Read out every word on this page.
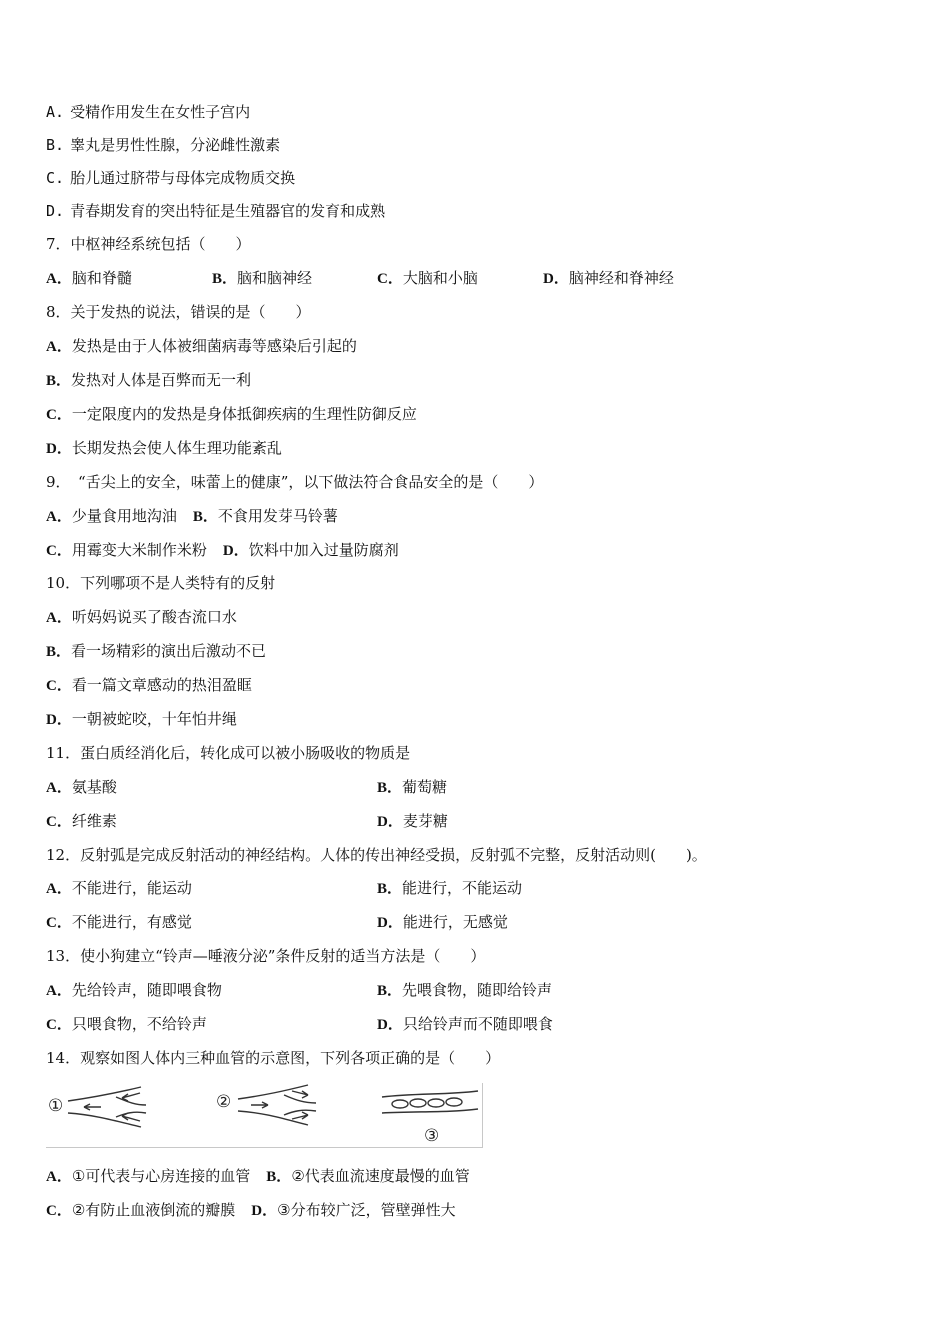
A. 受精作用发生在女性子宫内
B. 睾丸是男性性腺，分泌雌性激素
C. 胎儿通过脐带与母体完成物质交换
D. 青春期发育的突出特征是生殖器官的发育和成熟
7．中枢神经系统包括（　　）
A．脑和脊髓	B．脑和脑神经	C．大脑和小脑	D．脑神经和脊神经
8．关于发热的说法，错误的是（　　）
A．发热是由于人体被细菌病毒等感染后引起的
B．发热对人体是百弊而无一利
C．一定限度内的发热是身体抵御疾病的生理性防御反应
D．长期发热会使人体生理功能紊乱
9．　“舌尖上的安全，味蕾上的健康”，以下做法符合食品安全的是（　　）
A．少量食用地沟油 B．不食用发芽马铃薯
C．用霉变大米制作米粉 D．饮料中加入过量防腐剂
10．下列哪项不是人类特有的反射
A．听妈妈说买了酸杏流口水
B．看一场精彩的演出后激动不已
C．看一篇文章感动的热泪盈眶
D．一朝被蛇咬，十年怕井绳
11．蛋白质经消化后，转化成可以被小肠吸收的物质是
A．氨基酸	B．葡萄糖
C．纤维素	D．麦芽糖
12．反射弧是完成反射活动的神经结构。人体的传出神经受损，反射弧不完整，反射活动则(　　)。
A．不能进行，能运动	B．能进行，不能运动
C．不能进行，有感觉	D．能进行，无感觉
13．使小狗建立“铃声—唾液分泌”条件反射的适当方法是（　　）
A．先给铃声，随即喂食物	B．先喂食物，随即给铃声
C．只喂食物，不给铃声	D．只给铃声而不随即喂食
14．观察如图人体内三种血管的示意图，下列各项正确的是（　　）
①	②
③
A．①可代表与心房连接的血管 B．②代表血流速度最慢的血管
C．②有防止血液倒流的瓣膜 D．③分布较广泛，管壁弹性大
